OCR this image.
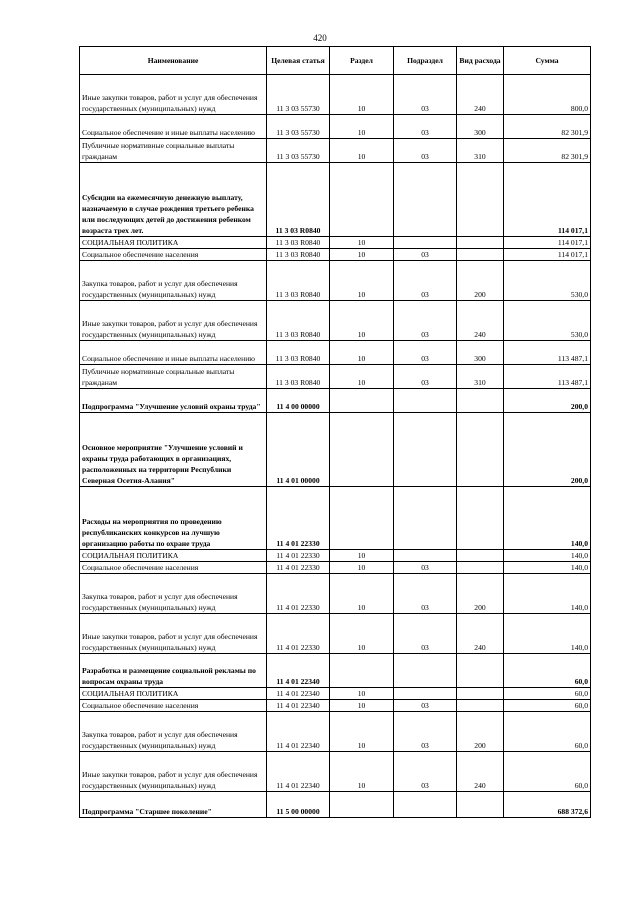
420
Наименование	Целевая статья	Раздел	Подраздел	Вид расхода	Сумма
Иные закупки товаров, работ и услуг для обеспечения государственных (муниципальных) нужд	11 3 03 55730	10	03	240	800,0
Социальное обеспечение и иные выплаты населению	11 3 03 55730	10	03	300	82 301,9
Публичные нормативные социальные выплаты гражданам	11 3 03 55730	10	03	310	82 301,9
Субсидии на ежемесячную денежную выплату, назначаемую в случае рождения третьего ребенка или последующих детей до достижения ребенком возраста трех лет.	11 3 03 R0840				114 017,1
СОЦИАЛЬНАЯ ПОЛИТИКА	11 3 03 R0840	10			114 017,1
Социальное обеспечение населения	11 3 03 R0840	10	03		114 017,1
Закупка товаров, работ и услуг для обеспечения государственных (муниципальных) нужд	11 3 03 R0840	10	03	200	530,0
Иные закупки товаров, работ и услуг для обеспечения государственных (муниципальных) нужд	11 3 03 R0840	10	03	240	530,0
Социальное обеспечение и иные выплаты населению	11 3 03 R0840	10	03	300	113 487,1
Публичные нормативные социальные выплаты гражданам	11 3 03 R0840	10	03	310	113 487,1
Подпрограмма "Улучшение условий охраны труда"	11 4 00 00000				200,0
Основное мероприятие "Улучшение условий и охраны труда работающих в организациях, расположенных на территории Республики Северная Осетия-Алания"	11 4 01 00000				200,0
Расходы на мероприятия по проведению республиканских конкурсов на лучшую организацию работы по охране труда	11 4 01 22330				140,0
СОЦИАЛЬНАЯ ПОЛИТИКА	11 4 01 22330	10			140,0
Социальное обеспечение населения	11 4 01 22330	10	03		140,0
Закупка товаров, работ и услуг для обеспечения государственных (муниципальных) нужд	11 4 01 22330	10	03	200	140,0
Иные закупки товаров, работ и услуг для обеспечения государственных (муниципальных) нужд	11 4 01 22330	10	03	240	140,0
Разработка и размещение социальной рекламы по вопросам охраны труда	11 4 01 22340				60,0
СОЦИАЛЬНАЯ ПОЛИТИКА	11 4 01 22340	10			60,0
Социальное обеспечение населения	11 4 01 22340	10	03		60,0
Закупка товаров, работ и услуг для обеспечения государственных (муниципальных) нужд	11 4 01 22340	10	03	200	60,0
Иные закупки товаров, работ и услуг для обеспечения государственных (муниципальных) нужд	11 4 01 22340	10	03	240	60,0
Подпрограмма "Старшее поколение"	11 5 00 00000				688 372,6
